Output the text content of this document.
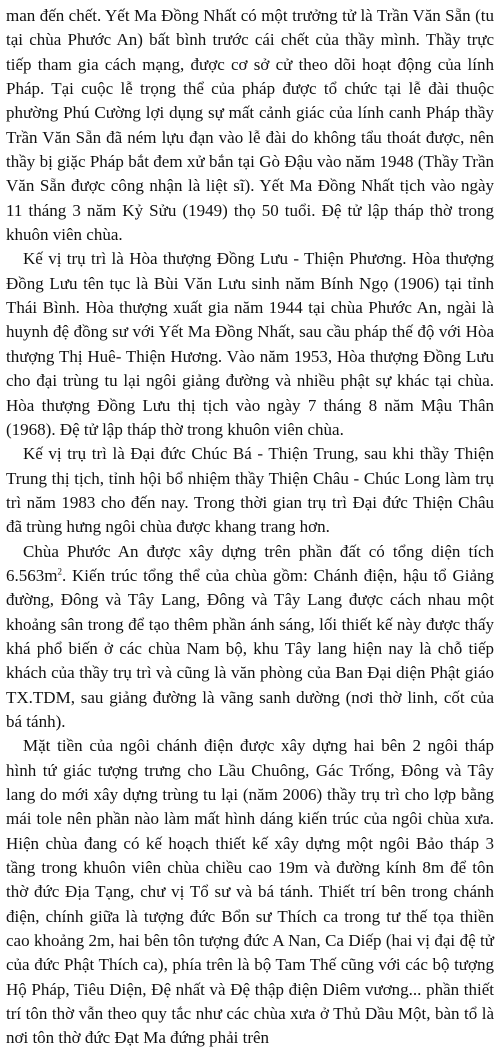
man đến chết. Yết Ma Đồng Nhất có một trưởng tử là Trần Văn Sẵn (tu tại chùa Phước An) bất bình trước cái chết của thầy mình. Thầy trực tiếp tham gia cách mạng, được cơ sở cử theo dõi hoạt động của lính Pháp. Tại cuộc lễ trọng thể của pháp được tổ chức tại lễ đài thuộc phường Phú Cường lợi dụng sự mất cảnh giác của lính canh Pháp thầy Trần Văn Sẵn đã ném lựu đạn vào lễ đài do không tẩu thoát được, nên thầy bị giặc Pháp bắt đem xử bắn tại Gò Đậu vào năm 1948 (Thầy Trần Văn Sẵn được công nhận là liệt sĩ). Yết Ma Đồng Nhất tịch vào ngày 11 tháng 3 năm Kỷ Sửu (1949) thọ 50 tuổi. Đệ tử lập tháp thờ trong khuôn viên chùa.

Kế vị trụ trì là Hòa thượng Đồng Lưu - Thiện Phương. Hòa thượng Đồng Lưu tên tục là Bùi Văn Lưu sinh năm Bính Ngọ (1906) tại tỉnh Thái Bình. Hòa thượng xuất gia năm 1944 tại chùa Phước An, ngài là huynh đệ đồng sư với Yết Ma Đồng Nhất, sau cầu pháp thế độ với Hòa thượng Thị Huê- Thiện Hương. Vào năm 1953, Hòa thượng Đồng Lưu cho đại trùng tu lại ngôi giảng đường và nhiều phật sự khác tại chùa. Hòa thượng Đồng Lưu thị tịch vào ngày 7 tháng 8 năm Mậu Thân (1968). Đệ tử lập tháp thờ trong khuôn viên chùa.

Kế vị trụ trì là Đại đức Chúc Bá - Thiện Trung, sau khi thầy Thiện Trung thị tịch, tỉnh hội bổ nhiệm thầy Thiện Châu - Chúc Long làm trụ trì năm 1983 cho đến nay. Trong thời gian trụ trì Đại đức Thiện Châu đã trùng hưng ngôi chùa được khang trang hơn.

Chùa Phước An được xây dựng trên phần đất có tổng diện tích $6.563m^2$. Kiến trúc tổng thể của chùa gồm: Chánh điện, hậu tổ Giảng đường, Đông và Tây Lang, Đông và Tây Lang được cách nhau một khoảng sân trong để tạo thêm phần ánh sáng, lối thiết kế này được thấy khá phổ biến ở các chùa Nam bộ, khu Tây lang hiện nay là chỗ tiếp khách của thầy trụ trì và cũng là văn phòng của Ban Đại diện Phật giáo TX.TDM, sau giảng đường là vãng sanh dường (nơi thờ linh, cốt của bá tánh).

Mặt tiền của ngôi chánh điện được xây dựng hai bên 2 ngôi tháp hình tứ giác tượng trưng cho Lầu Chuông, Gác Trống, Đông và Tây lang do mới xây dựng trùng tu lại (năm 2006) thầy trụ trì cho lợp bằng mái tole nên phần nào làm mất hình dáng kiến trúc của ngôi chùa xưa. Hiện chùa đang có kế hoạch thiết kế xây dựng một ngôi Bảo tháp 3 tầng trong khuôn viên chùa chiều cao 19m và đường kính 8m để tôn thờ đức Địa Tạng, chư vị Tổ sư và bá tánh. Thiết trí bên trong chánh điện, chính giữa là tượng đức Bổn sư Thích ca trong tư thế tọa thiền cao khoảng 2m, hai bên tôn tượng đức A Nan, Ca Diếp (hai vị đại đệ tử của đức Phật Thích ca), phía trên là bộ Tam Thế cũng với các bộ tượng Hộ Pháp, Tiêu Diện, Đệ nhất và Đệ thập điện Diêm vương... phần thiết trí tôn thờ vẫn theo quy tắc như các chùa xưa ở Thủ Dầu Một, bàn tổ là nơi tôn thờ đức Đạt Ma đứng phải trên
